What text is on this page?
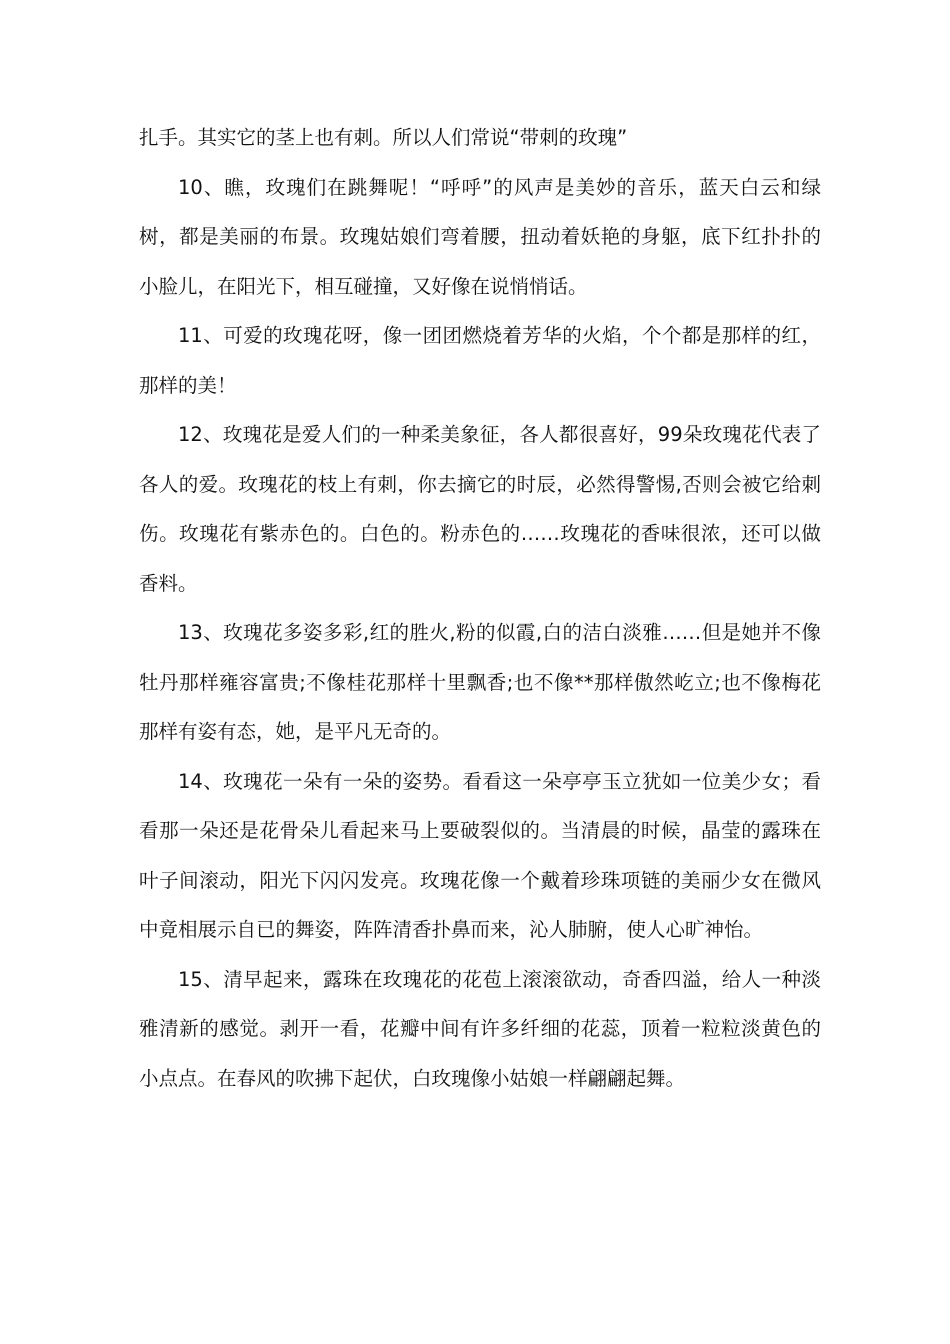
扎手。其实它的茎上也有刺。所以人们常说“带刺的玫瑰”

10、瞧，玫瑰们在跳舞呢！“呼呼”的风声是美妙的音乐，蓝天白云和绿树，都是美丽的布景。玫瑰姑娘们弯着腰，扭动着妖艳的身躯，底下红扑扑的小脸儿，在阳光下，相互碰撞，又好像在说悄悄话。

11、可爱的玫瑰花呀，像一团团燃烧着芳华的火焰，个个都是那样的红，那样的美！

12、玫瑰花是爱人们的一种柔美象征，各人都很喜好，99朵玫瑰花代表了各人的爱。玫瑰花的枝上有刺，你去摘它的时辰，必然得警惕,否则会被它给刺伤。玫瑰花有紫赤色的。白色的。粉赤色的……玫瑰花的香味很浓，还可以做香料。

13、玫瑰花多姿多彩,红的胜火,粉的似霞,白的洁白淡雅……但是她并不像牡丹那样雍容富贵;不像桂花那样十里飘香;也不像**那样傲然屹立;也不像梅花那样有姿有态，她，是平凡无奇的。

14、玫瑰花一朵有一朵的姿势。看看这一朵亭亭玉立犹如一位美少女；看看那一朵还是花骨朵儿看起来马上要破裂似的。当清晨的时候，晶莹的露珠在叶子间滚动，阳光下闪闪发亮。玫瑰花像一个戴着珍珠项链的美丽少女在微风中竟相展示自已的舞姿，阵阵清香扑鼻而来，沁人肺腑，使人心旷神怡。

15、清早起来，露珠在玫瑰花的花苞上滚滚欲动，奇香四溢，给人一种淡雅清新的感觉。剥开一看，花瓣中间有许多纤细的花蕊，顶着一粒粒淡黄色的小点点。在春风的吹拂下起伏，白玫瑰像小姑娘一样翩翩起舞。
